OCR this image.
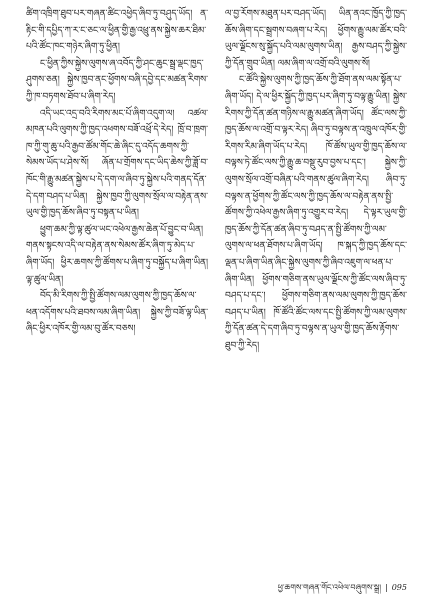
ཚིག་འཁྲིག་ཐུབ་པར་གཞན་ཚིང་འཕྱེད་ཞིབ་ཏུ་བཤུད་ཡོད། ན་རྟིང་གི་དཔྱིད་ཀ་ར་ང་ཅང་ལ་ཕྱིན་གྱི་རྒྱ་འཕྲུ་ནས་སྐྱེས་ཆར་ཐིམ་པའི་ཚོང་ཁང་གཉེར་ཞིག་ཏུ་ཕྱིན།

ང་ཕྱིན་ཀྱིས་སྐྱེས་ལུགས་ཞ་འབོད་ཀྱི་ཤང་ཆུང་སྦྲ་ལྡང་ཁྱད་ཤུགས་ཅན། སྐྱེས་ཁྱབ་ནང་ཕྱོགས་བཞི་དབྱེ་དང་མཚན་རིགས་ཀྱི་ཁ་བཏགས་ཐོབ་པ་ཞིག་རེད།

འདི་ཡང་འདྲ་བའི་རིགས་མང་པོ་ཞིག་འདུག་ལ། འཚལ་མཁན་པའི་ལུགས་ཀྱི་ཁྱད་འཕགས་བཟོ་འཕྲོ་དེ་རེད། ཁྲོ་བ་ཁྲག་ཁ་ཀྱི་གུ་ཆུ་པའི་རྒྱབ་ཚོམ་གོང་ཆེ་ཞིང་དུ་འདོད་ཆགས་ཀྱི་སེམས་ཡོད་པ་ཤེས་སོ། ཞོན་པ་གྲོགས་དང་ཡིད་ཆེས་ཀྱི་ཟློ་བ་ཁོང་གི་རྒྱུ་མཚན་སྐྱེས་པ་དེ་དག་ལ་ཞིབ་ཏུ་སྐྱེས་པའི་གནད་དོན་དེ་དག་བཤད་པ་ཡིན། སྐྱེས་ཁྱབ་ཀྱི་ལུགས་སྲོལ་ལ་བརྟེན་ནས་ཡུལ་གྱི་ཁྱད་ཆོས་ཞིབ་ཏུ་བསྟན་པ་ཡིན།

ཕྱུག་ཆམ་ཀྱི་ལྟ་ཚུལ་ཡང་འཕེལ་རྒྱས་ཆེན་པོ་བྱུང་བ་ཡིན། གནས་སྟངས་འདི་ལ་བརྟེན་ནས་སེམས་ཚོར་ཞིག་ཏུ་མེད་པ་ཞིག་ཡོད། ཕྱིར་ཆགས་ཀྱི་ཚོགས་པ་ཞིག་ཏུ་བསྐྱོད་པ་ཞིག་ཡིན། ལྟ་ཚུལ་ཡིན།

བོད་མི་རིགས་ཀྱི་སྤྱི་ཚོགས་ལམ་ལུགས་ཀྱི་ཁྱད་ཆོས་ལ་ཕན་འདོགས་པའི་ཐབས་ལམ་ཞིག་ཡིན། སྐྱེས་ཀྱི་བཟོ་ལྟ་ཡིན་ཞིང་ཕྱིར་འཁོར་གྱི་ལམ་བུ་ཚོར་བཅས།

ལ་བྱ་རོགས་མཐུན་པར་བཤད་ཡོད། ཡིན་ནའང་ཁྱོད་ཀྱི་ཁྱད་ཆོས་ཞིག་དང་སྦྲགས་བཞག་པ་རེད། ཕྱོགས་རྒྱུ་ལམ་ཚོར་བའི་ཡུལ་ལྗོངས་སུ་སྐྱོད་པའི་ལམ་ལུགས་ཡིན། རྒྱས་བཤད་ཀྱི་སྐྱེས་ཀྱི་དོན་གྲུབ་ཡིན། ལམ་ཞིག་ལ་འགྲོ་བའི་ལུགས་སོ།

ང་ཚོའི་སྐྱེས་ལུགས་ཀྱི་ཁྱད་ཆོས་ཀྱི་ཐོག་ནས་ལམ་སྟོན་པ་ཞིག་ཡོད། དེ་ལ་ཕྱིར་སྐྱོད་ཀྱི་ཁྱད་པར་ཞིག་ཏུ་བལྟ་རྒྱུ་ཡིན། སྐྱེས་རིགས་ཀྱི་དོན་ཚན་གཉིས་ལ་རྒྱུ་མཚན་ཞིག་ཡོད། ཚོང་ལས་ཀྱི་ཁྱད་ཆོས་ལ་འགྲོ་བ་ལྟར་རེད། ཞིབ་ཏུ་བལྟས་ན་འཁྲུལ་འཁོར་གྱི་རིགས་རིམ་ཞིག་ཡོད་པ་རེད། ཁོ་ཚོས་ཡུལ་གྱི་ཁྱད་ཆོས་ལ་བལྟས་ཏེ་ཚོང་ལས་ཀྱི་རྒྱུ་ཆ་བསྡུ་རུབ་བྱས་པ་དང་། སྐྱེས་ཀྱི་ལུགས་སྲོལ་འགྲོ་བཞིན་པའི་གནས་ཚུལ་ཞིག་རེད། ཞིབ་ཏུ་བལྟས་ན་ཕྱོགས་ཀྱི་ཚོང་ལས་ཀྱི་ཁྱད་ཆོས་ལ་བརྟེན་ནས་སྤྱི་ཚོགས་ཀྱི་འཕེལ་རྒྱས་ཞིག་ཏུ་འགྱུར་བ་རེད། དེ་ལྟར་ཡུལ་གྱི་ཁྱད་ཆོས་ཀྱི་དོན་ཚན་ཞིབ་ཏུ་བཤད་ན་སྤྱི་ཚོགས་ཀྱི་ལམ་ལུགས་ལ་ཕན་ཐོགས་པ་ཞིག་ཡོད། ཁ་སྐད་ཀྱི་ཁྱད་ཆོས་དང་ལྡན་པ་ཞིག་ཡིན་ཞིང་སྐྱེས་ལུགས་ཀྱི་ཞིབ་འཇུག་ལ་ཕན་པ་ཞིག་ཡིན། ཕྱོགས་གཅིག་ནས་ཡུལ་ལྗོངས་ཀྱི་ཚོང་ལས་ཞིབ་ཏུ་བཤད་པ་དང་། ཕྱོགས་གཅིག་ནས་ལམ་ལུགས་ཀྱི་ཁྱད་ཆོས་བཤད་པ་ཡིན། ཁོ་ཚོའི་ཚོང་ལས་དང་སྤྱི་ཚོགས་ཀྱི་ལམ་ལུགས་ཀྱི་དོན་ཚན་དེ་དག་ཞིབ་ཏུ་བལྟས་ན་ཡུལ་གྱི་ཁྱད་ཆོས་རྟོགས་ཐུབ་ཀྱི་རེད།

ཕྱ་ཆགས་གཞན་གོང་འཕེལ་བཞུགས་སྒྲ། | 095
